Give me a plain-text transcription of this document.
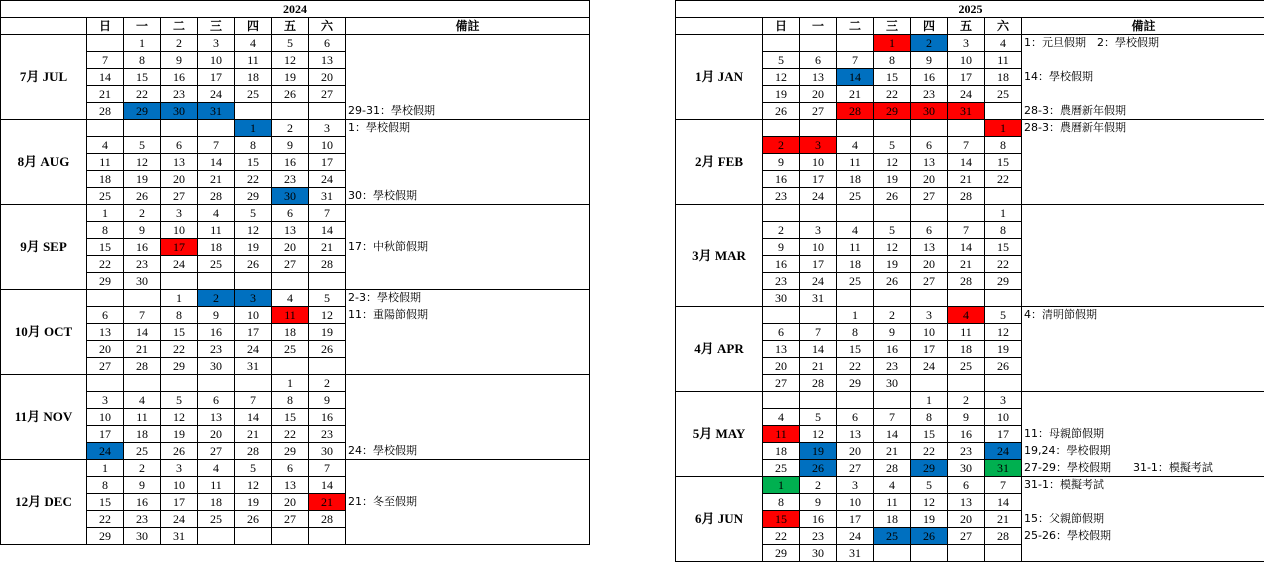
2024								
	日	一	二	三	四	五	六	備註
7月 JUL		1	2	3	4	5	6	
	7	8	9	10	11	12	13	
	14	15	16	17	18	19	20	
	21	22	23	24	25	26	27	
	28	29	30	31				29-31：學校假期
8月 AUG					1	2	3	1：學校假期
	4	5	6	7	8	9	10	
	11	12	13	14	15	16	17	
	18	19	20	21	22	23	24	
	25	26	27	28	29	30	31	30：學校假期
9月 SEP	1	2	3	4	5	6	7	
	8	9	10	11	12	13	14	
	15	16	17	18	19	20	21	17：中秋節假期
	22	23	24	25	26	27	28	
	29	30						
10月 OCT			1	2	3	4	5	2-3：學校假期
	6	7	8	9	10	11	12	11：重陽節假期
	13	14	15	16	17	18	19	
	20	21	22	23	24	25	26	
	27	28	29	30	31			
11月 NOV						1	2	
	3	4	5	6	7	8	9	
	10	11	12	13	14	15	16	
	17	18	19	20	21	22	23	
	24	25	26	27	28	29	30	24：學校假期
12月 DEC	1	2	3	4	5	6	7	
	8	9	10	11	12	13	14	
	15	16	17	18	19	20	21	21：冬至假期
	22	23	24	25	26	27	28	
	29	30	31					
2025								
	日	一	二	三	四	五	六	備註
1月 JAN				1	2	3	4	1：元旦假期　2：學校假期
	5	6	7	8	9	10	11	
	12	13	14	15	16	17	18	14：學校假期
	19	20	21	22	23	24	25	
	26	27	28	29	30	31		28-3：農曆新年假期
2月 FEB							1	28-3：農曆新年假期
	2	3	4	5	6	7	8	
	9	10	11	12	13	14	15	
	16	17	18	19	20	21	22	
	23	24	25	26	27	28		
3月 MAR							1	
	2	3	4	5	6	7	8	
	9	10	11	12	13	14	15	
	16	17	18	19	20	21	22	
	23	24	25	26	27	28	29	
	30	31						
4月 APR			1	2	3	4	5	4：清明節假期
	6	7	8	9	10	11	12	
	13	14	15	16	17	18	19	
	20	21	22	23	24	25	26	
	27	28	29	30				
5月 MAY					1	2	3	
	4	5	6	7	8	9	10	
	11	12	13	14	15	16	17	11：母親節假期
	18	19	20	21	22	23	24	19,24：學校假期
	25	26	27	28	29	30	31	27-29：學校假期　　31-1：模擬考試
6月 JUN	1	2	3	4	5	6	7	31-1：模擬考試
	8	9	10	11	12	13	14	
	15	16	17	18	19	20	21	15：父親節假期
	22	23	24	25	26	27	28	25-26：學校假期
	29	30	31					
